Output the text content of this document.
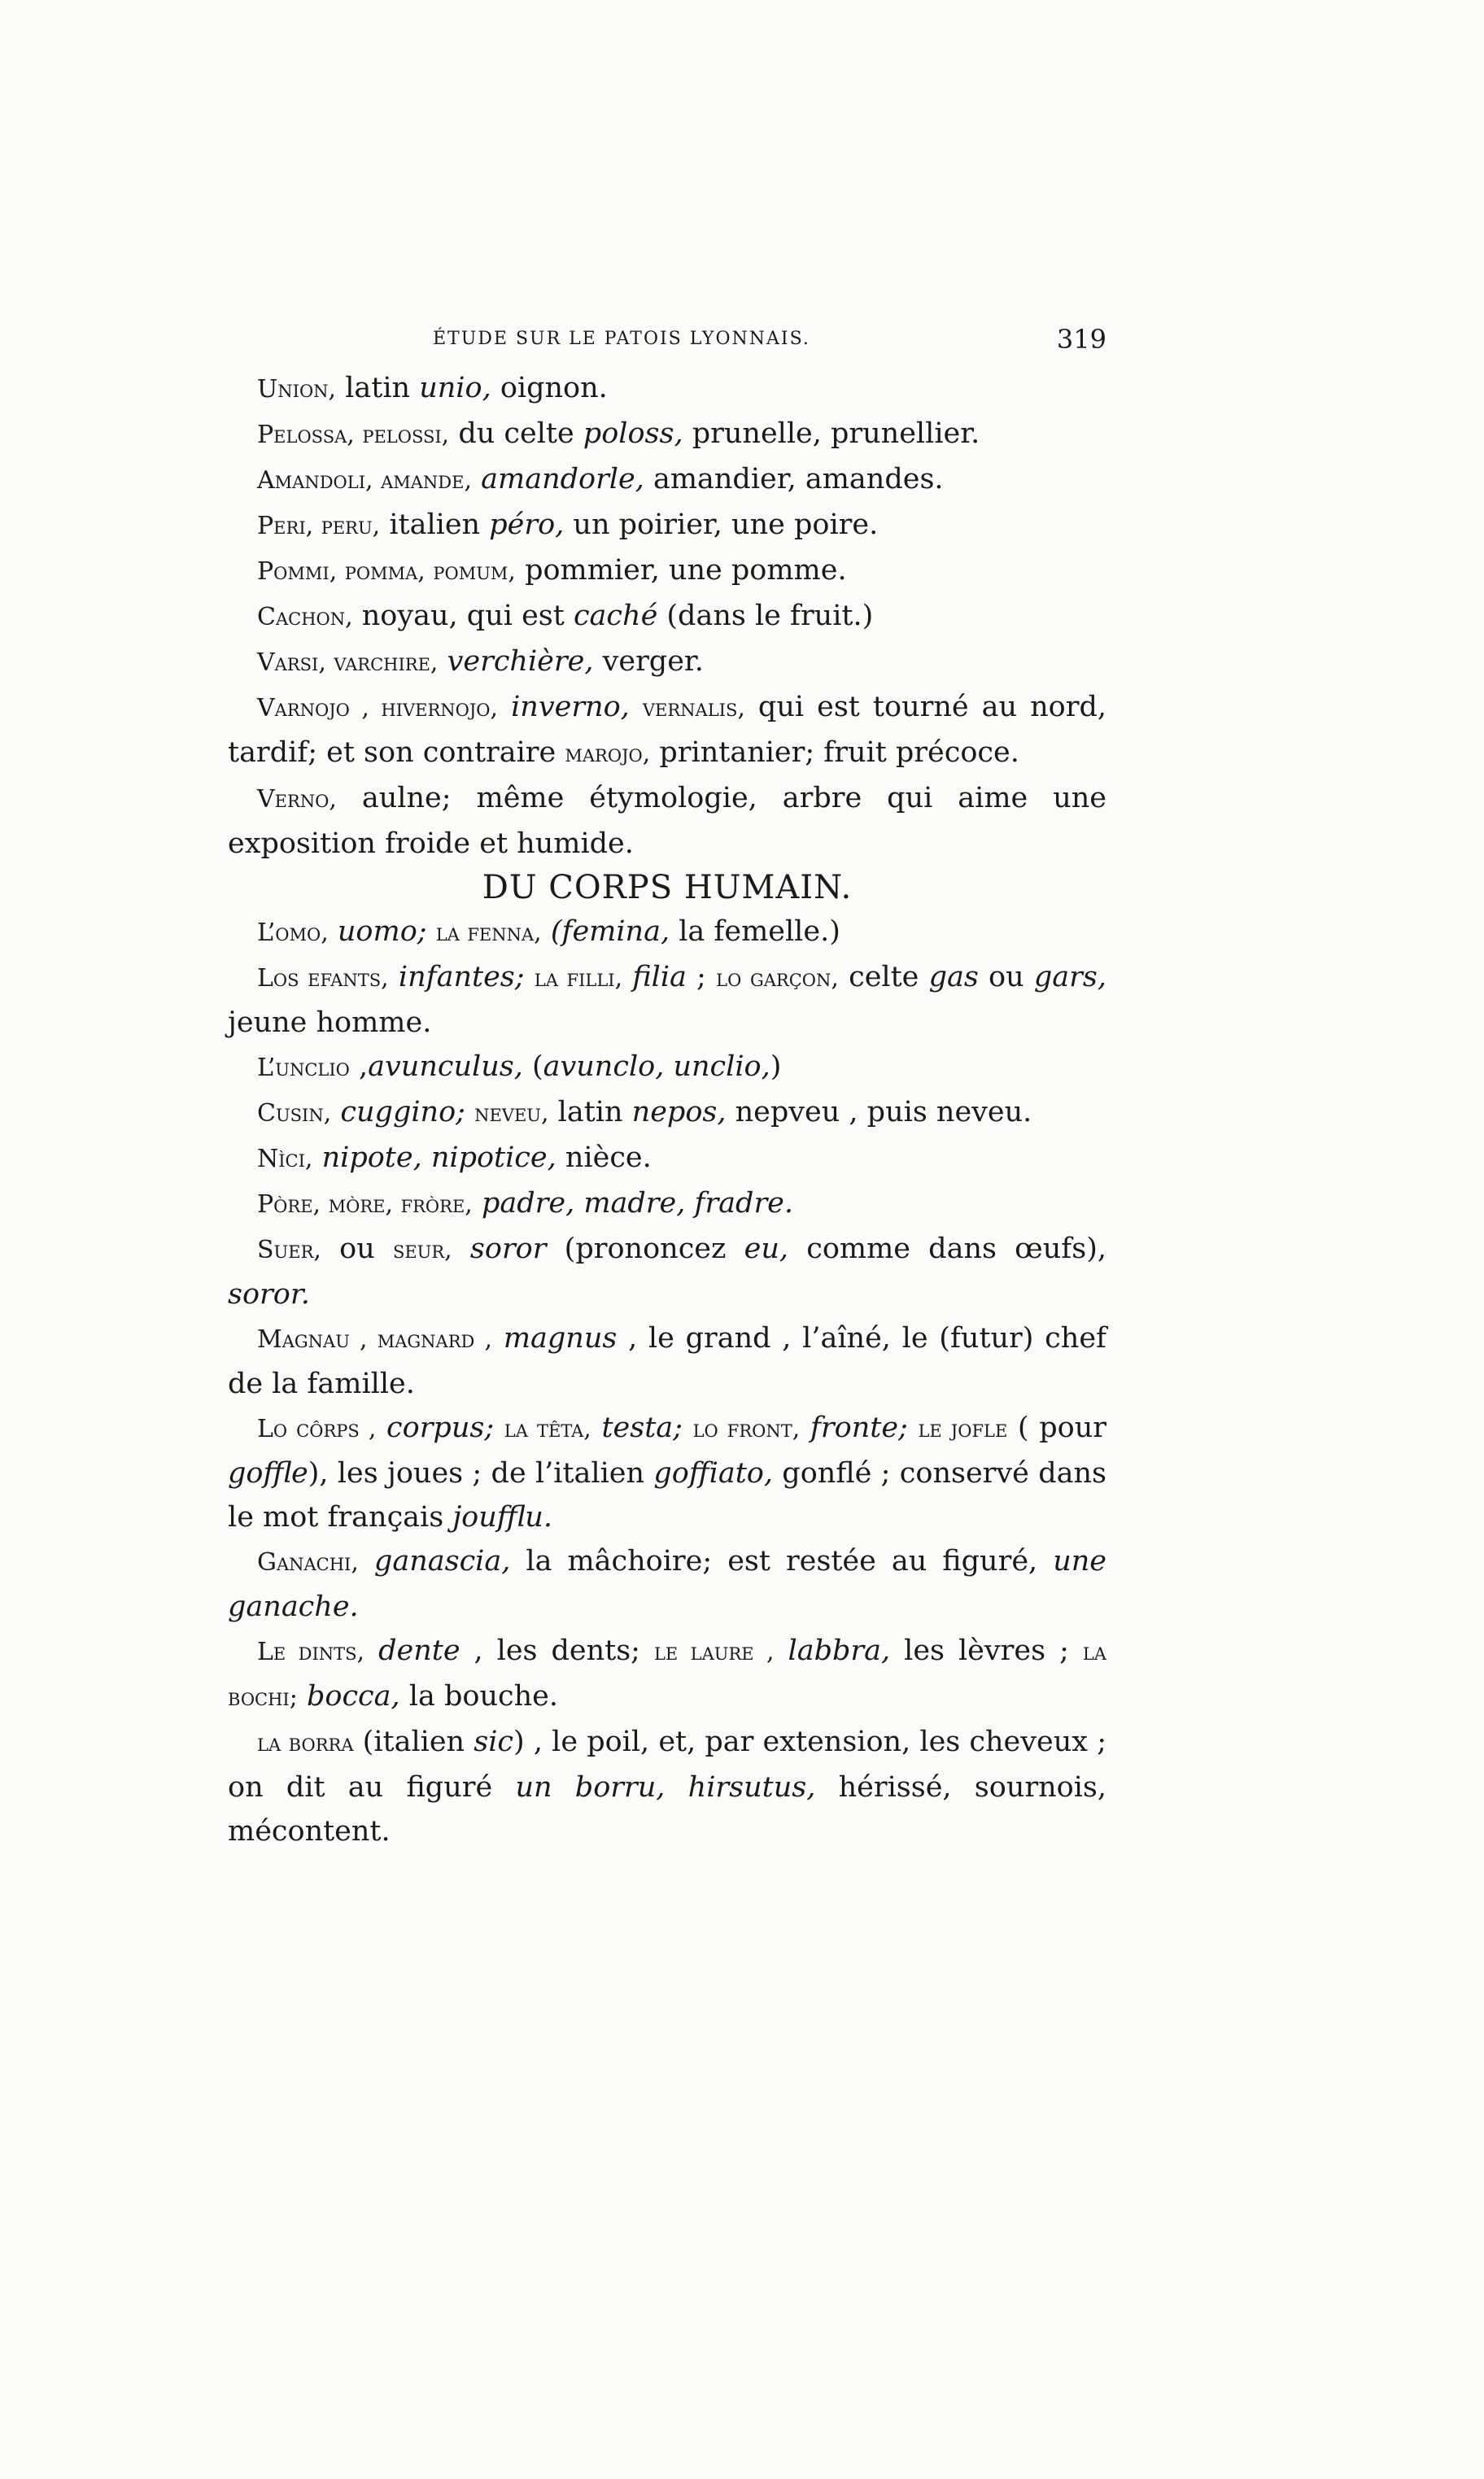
ÉTUDE SUR LE PATOIS LYONNAIS.	319

Union, latin unio, oignon.

Pelossa, pelossi, du celte poloss, prunelle, prunellier.

Amandoli, amande, amandorle, amandier, amandes.

Peri, peru, italien péro, un poirier, une poire.

Pommi, pomma, pomum, pommier, une pomme.

Cachon, noyau, qui est caché (dans le fruit.)

Varsi, varchire, verchière, verger.

Varnojo , hivernojo, inverno, vernalis, qui est tourné au nord, tardif; et son contraire marojo, printanier; fruit précoce.

Verno, aulne; même étymologie, arbre qui aime une exposition froide et humide.

DU CORPS HUMAIN.

L’omo, uomo; la fenna, (femina, la femelle.)

Los efants, infantes; la filli, filia ; lo garçon, celte gas ou gars, jeune homme.

L’unclio ,avunculus, (avunclo, unclio,)

Cusin, cuggino; neveu, latin nepos, nepveu , puis neveu.

Nìci, nipote, nipotice, nièce.

Pòre, mòre, fròre, padre, madre, fradre.

Suer, ou seur, soror (prononcez eu, comme dans œufs), soror.

Magnau , magnard , magnus , le grand , l’aîné, le (futur) chef de la famille.

Lo côrps , corpus; la têta, testa; lo front, fronte; le jofle ( pour goffle), les joues ; de l’italien goffiato, gonflé ; conservé dans le mot français joufflu.

Ganachi, ganascia, la mâchoire; est restée au figuré, une ganache.

Le dints, dente , les dents; le laure , labbra, les lèvres ; la bochi; bocca, la bouche.

la borra (italien sic) , le poil, et, par extension, les cheveux ; on dit au figuré un borru, hirsutus, hérissé, sournois, mécontent.
